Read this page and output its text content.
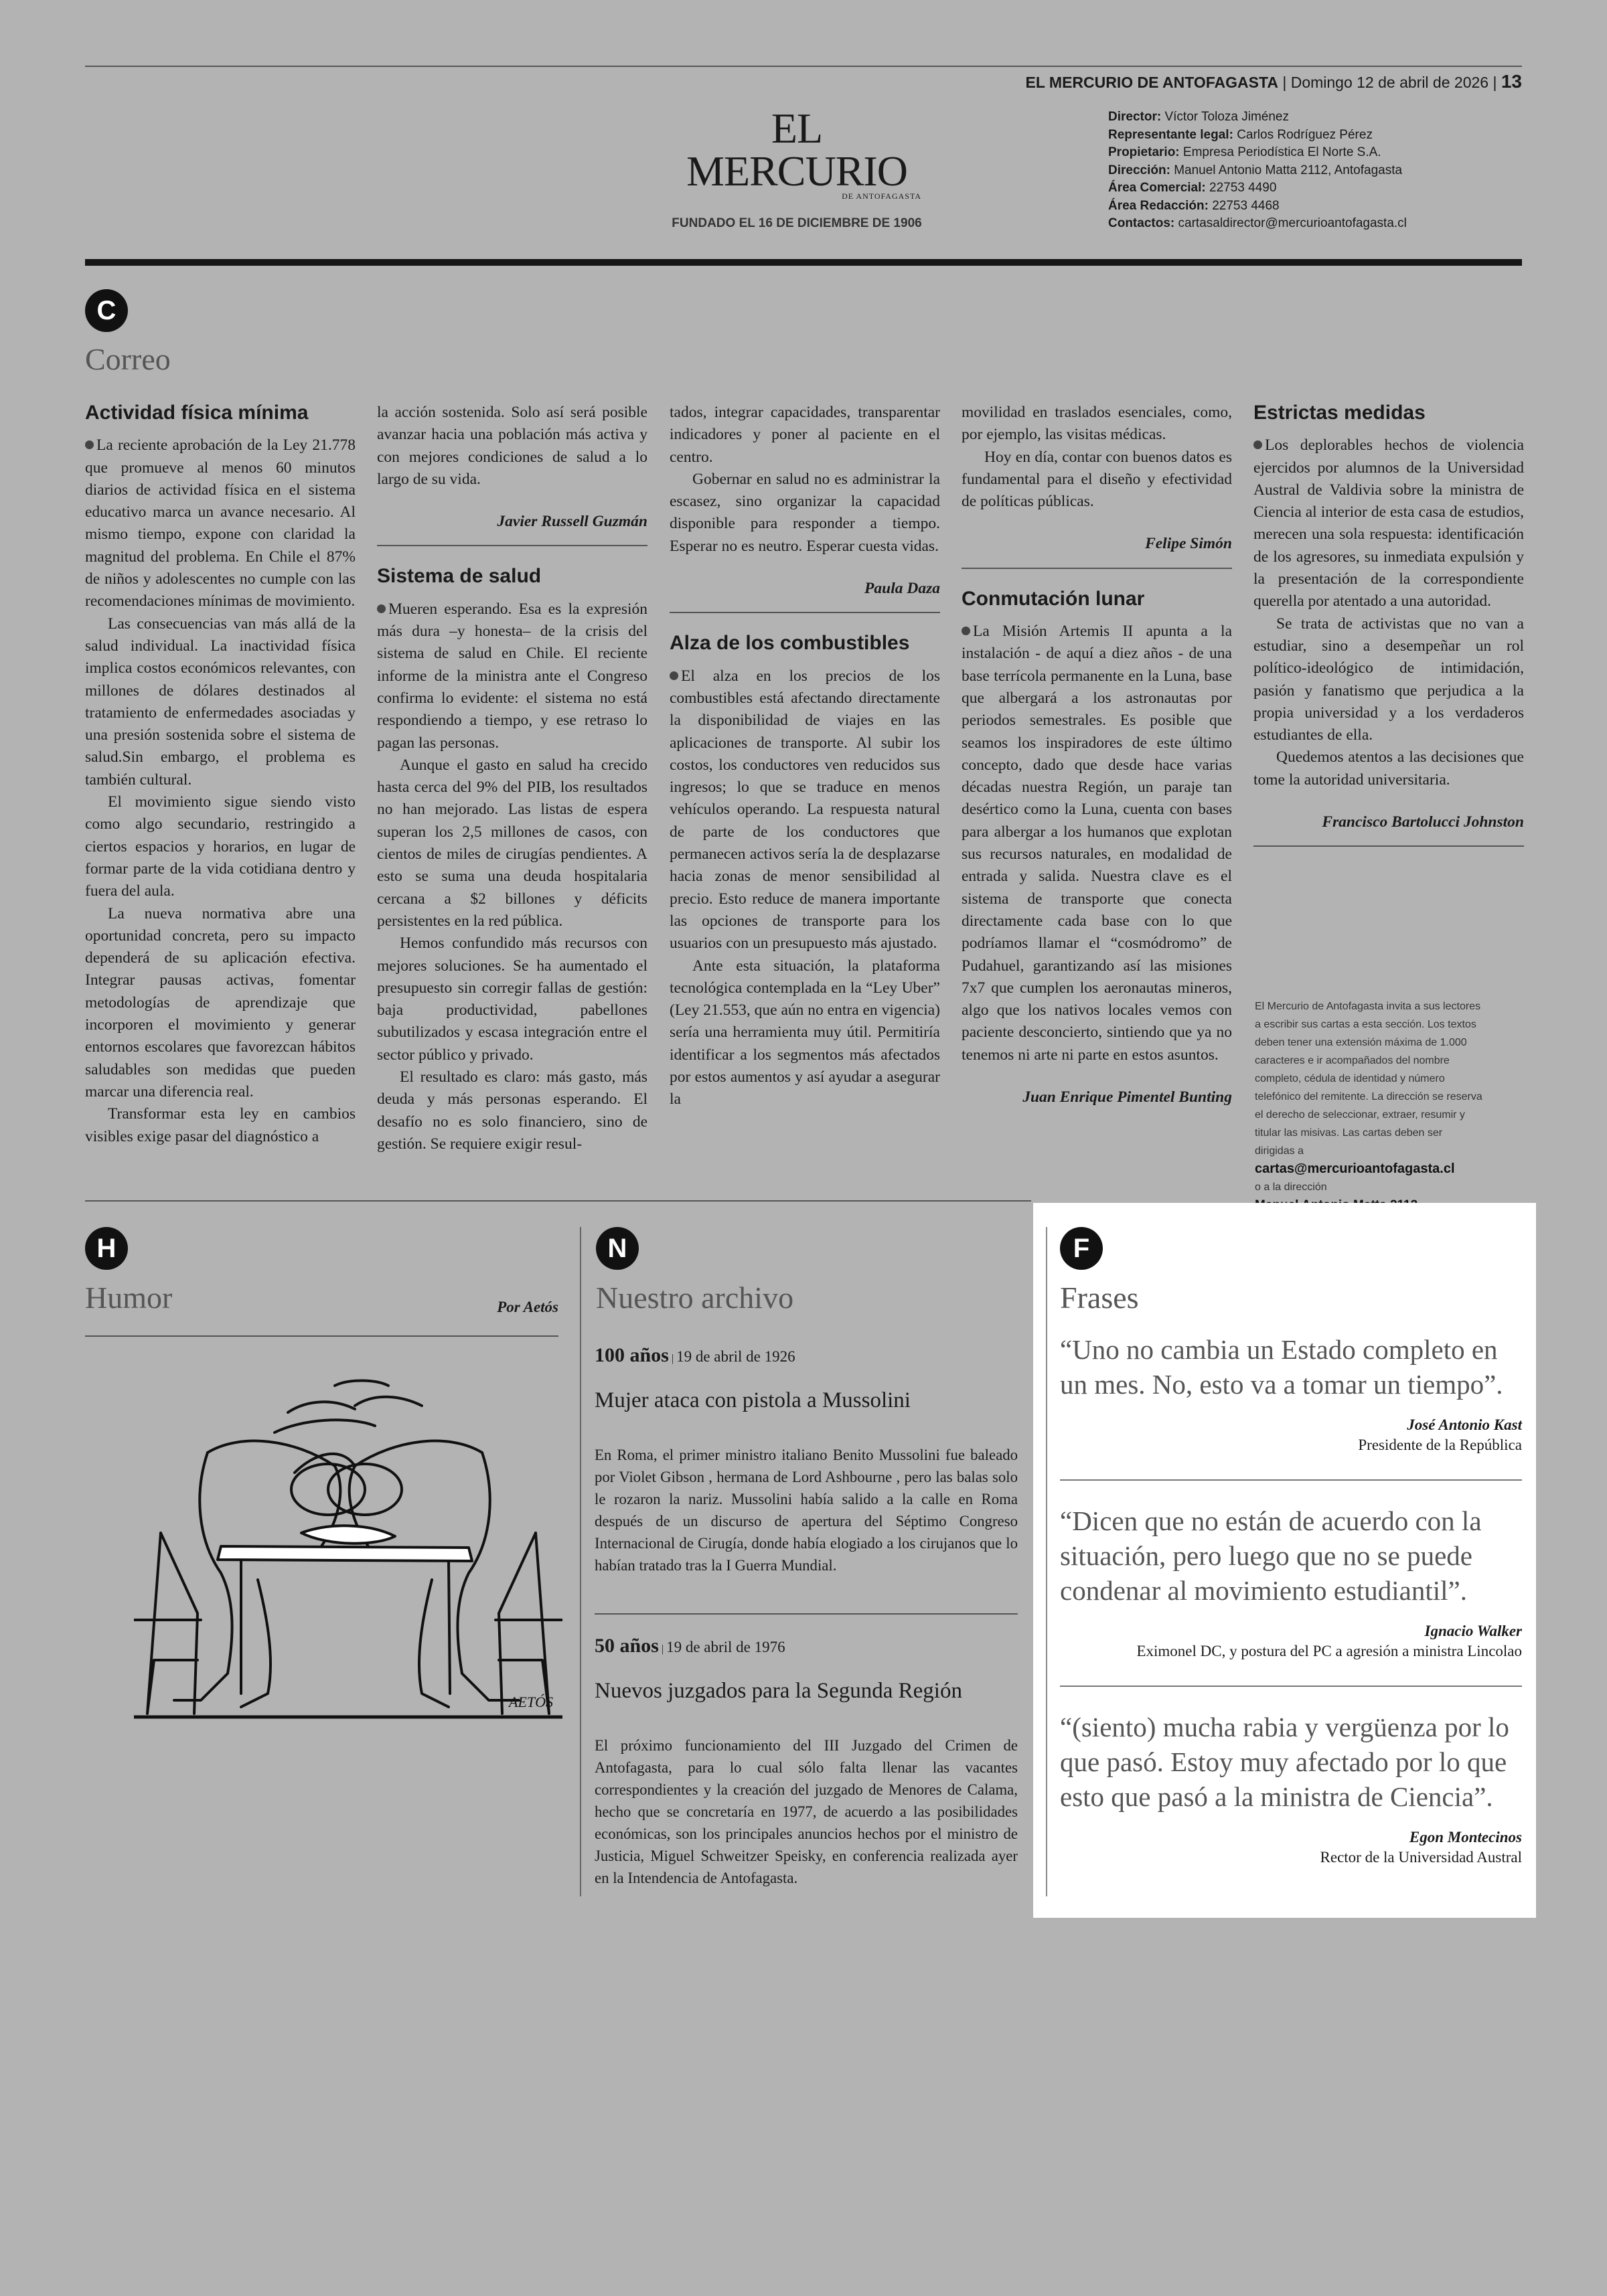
EL MERCURIO DE ANTOFAGASTA | Domingo 12 de abril de 2026 | 13
EL MERCURIO
DE ANTOFAGASTA
FUNDADO EL 16 DE DICIEMBRE DE 1906
Director: Víctor Toloza Jiménez
Representante legal: Carlos Rodríguez Pérez
Propietario: Empresa Periodística El Norte S.A.
Dirección: Manuel Antonio Matta 2112, Antofagasta
Área Comercial: 22753 4490
Área Redacción: 22753 4468
Contactos: cartasaldirector@mercurioantofagasta.cl
C
Correo
Actividad física mínima

La reciente aprobación de la Ley 21.778 que promueve al menos 60 minutos diarios de actividad física en el sistema educativo marca un avance necesario. Al mismo tiempo, expone con claridad la magnitud del problema. En Chile el 87% de niños y adolescentes no cumple con las recomendaciones mínimas de movimiento.

Las consecuencias van más allá de la salud individual. La inactividad física implica costos económicos relevantes, con millones de dólares destinados al tratamiento de enfermedades asociadas y una presión sostenida sobre el sistema de salud.Sin embargo, el problema es también cultural.

El movimiento sigue siendo visto como algo secundario, restringido a ciertos espacios y horarios, en lugar de formar parte de la vida cotidiana dentro y fuera del aula.

La nueva normativa abre una oportunidad concreta, pero su impacto dependerá de su aplicación efectiva. Integrar pausas activas, fomentar metodologías de aprendizaje que incorporen el movimiento y generar entornos escolares que favorezcan hábitos saludables son medidas que pueden marcar una diferencia real.

Transformar esta ley en cambios visibles exige pasar del diagnóstico a

la acción sostenida. Solo así será posible avanzar hacia una población más activa y con mejores condiciones de salud a lo largo de su vida.

Javier Russell Guzmán
Sistema de salud

Mueren esperando. Esa es la expresión más dura –y honesta– de la crisis del sistema de salud en Chile. El reciente informe de la ministra ante el Congreso confirma lo evidente: el sistema no está respondiendo a tiempo, y ese retraso lo pagan las personas.

Aunque el gasto en salud ha crecido hasta cerca del 9% del PIB, los resultados no han mejorado. Las listas de espera superan los 2,5 millones de casos, con cientos de miles de cirugías pendientes. A esto se suma una deuda hospitalaria cercana a $2 billones y déficits persistentes en la red pública.

Hemos confundido más recursos con mejores soluciones. Se ha aumentado el presupuesto sin corregir fallas de gestión: baja productividad, pabellones subutilizados y escasa integración entre el sector público y privado.

El resultado es claro: más gasto, más deuda y más personas esperando. El desafío no es solo financiero, sino de gestión. Se requiere exigir resul-

tados, integrar capacidades, transparentar indicadores y poner al paciente en el centro.

Gobernar en salud no es administrar la escasez, sino organizar la capacidad disponible para responder a tiempo. Esperar no es neutro. Esperar cuesta vidas.

Paula Daza
Alza de los combustibles

El alza en los precios de los combustibles está afectando directamente la disponibilidad de viajes en las aplicaciones de transporte. Al subir los costos, los conductores ven reducidos sus ingresos; lo que se traduce en menos vehículos operando. La respuesta natural de parte de los conductores que permanecen activos sería la de desplazarse hacia zonas de menor sensibilidad al precio. Esto reduce de manera importante las opciones de transporte para los usuarios con un presupuesto más ajustado.

Ante esta situación, la plataforma tecnológica contemplada en la “Ley Uber” (Ley 21.553, que aún no entra en vigencia) sería una herramienta muy útil. Permitiría identificar a los segmentos más afectados por estos aumentos y así ayudar a asegurar la

movilidad en traslados esenciales, como, por ejemplo, las visitas médicas.

Hoy en día, contar con buenos datos es fundamental para el diseño y efectividad de políticas públicas.

Felipe Simón
Conmutación lunar

La Misión Artemis II apunta a la instalación - de aquí a diez años - de una base terrícola permanente en la Luna, base que albergará a los astronautas por periodos semestrales. Es posible que seamos los inspiradores de este último concepto, dado que desde hace varias décadas nuestra Región, un paraje tan desértico como la Luna, cuenta con bases para albergar a los humanos que explotan sus recursos naturales, en modalidad de entrada y salida. Nuestra clave es el sistema de transporte que conecta directamente cada base con lo que podríamos llamar el “cosmódromo” de Pudahuel, garantizando así las misiones 7x7 que cumplen los aeronautas mineros, algo que los nativos locales vemos con paciente desconcierto, sintiendo que ya no tenemos ni arte ni parte en estos asuntos.

Juan Enrique Pimentel Bunting
Estrictas medidas

Los deplorables hechos de violencia ejercidos por alumnos de la Universidad Austral de Valdivia sobre la ministra de Ciencia al interior de esta casa de estudios, merecen una sola respuesta: identificación de los agresores, su inmediata expulsión y la presentación de la correspondiente querella por atentado a una autoridad.

Se trata de activistas que no van a estudiar, sino a desempeñar un rol político-ideológico de intimidación, pasión y fanatismo que perjudica a la propia universidad y a los verdaderos estudiantes de ella.

Quedemos atentos a las decisiones que tome la autoridad universitaria.

Francisco Bartolucci Johnston
El Mercurio de Antofagasta invita a sus lectores a escribir sus cartas a esta sección. Los textos deben tener una extensión máxima de 1.000 caracteres e ir acompañados del nombre completo, cédula de identidad y número telefónico del remitente. La dirección se reserva el derecho de seleccionar, extraer, resumir y titular las misivas. Las cartas deben ser dirigidas a
cartas@mercurioantofagasta.cl
o a la dirección
H
Humor	Por Aetós
AETÓS
N
Nuestro archivo
100 años | 19 de abril de 1926
Mujer ataca con pistola a Mussolini
En Roma, el primer ministro italiano Benito Mussolini fue baleado por Violet Gibson , hermana de Lord Ashbourne , pero las balas solo le rozaron la nariz. Mussolini había salido a la calle en Roma después de un discurso de apertura del Séptimo Congreso Internacional de Cirugía, donde había elogiado a los cirujanos que lo habían tratado tras la I Guerra Mundial.
50 años | 19 de abril de 1976
Nuevos juzgados para la Segunda Región
El próximo funcionamiento del III Juzgado del Crimen de Antofagasta, para lo cual sólo falta llenar las vacantes correspondientes y la creación del juzgado de Menores de Calama, hecho que se concretaría en 1977, de acuerdo a las posibilidades económicas, son los principales anuncios hechos por el ministro de Justicia, Miguel Schweitzer Speisky, en conferencia realizada ayer en la Intendencia de Antofagasta.
F
Frases
“Uno no cambia un Estado completo en un mes. No, esto va a tomar un tiempo”.
José Antonio Kast
Presidente de la República
“Dicen que no están de acuerdo con la situación, pero luego que no se puede condenar al movimiento estudiantil”.
Ignacio Walker
Eximonel DC, y postura del PC a agresión a ministra Lincolao
“(siento) mucha rabia y vergüenza por lo que pasó. Estoy muy afectado por lo que esto que pasó a la ministra de Ciencia”.
Egon Montecinos
Rector de la Universidad Austral
